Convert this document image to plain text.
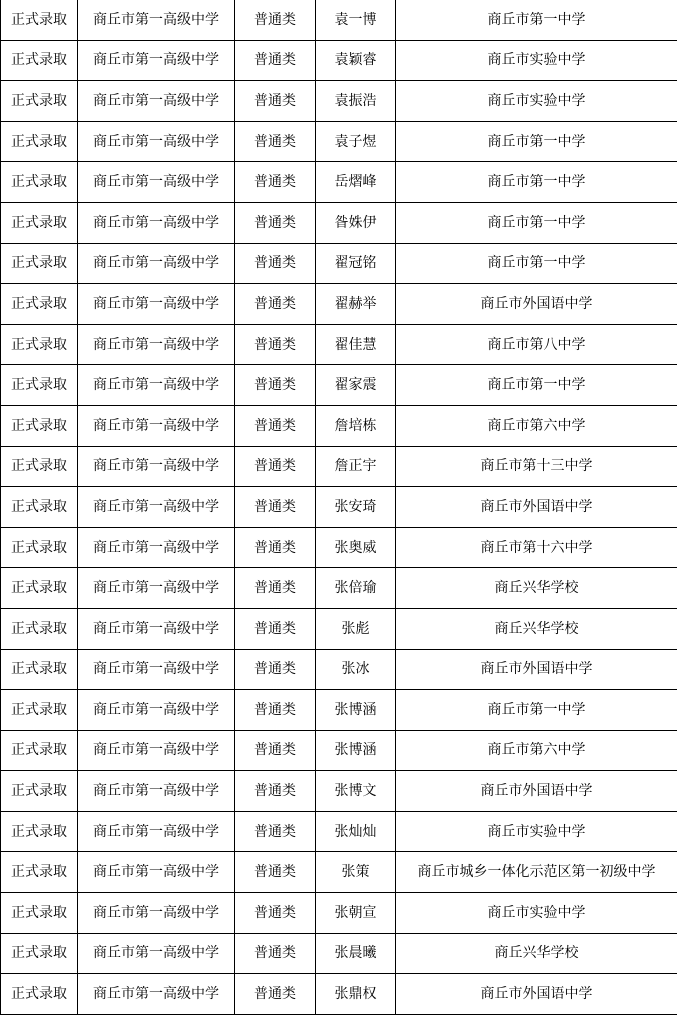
正式录取	商丘市第一高级中学	普通类	袁一博	商丘市第一中学
正式录取	商丘市第一高级中学	普通类	袁颖睿	商丘市实验中学
正式录取	商丘市第一高级中学	普通类	袁振浩	商丘市实验中学
正式录取	商丘市第一高级中学	普通类	袁子煜	商丘市第一中学
正式录取	商丘市第一高级中学	普通类	岳熠峰	商丘市第一中学
正式录取	商丘市第一高级中学	普通类	昝姝伊	商丘市第一中学
正式录取	商丘市第一高级中学	普通类	翟冠铭	商丘市第一中学
正式录取	商丘市第一高级中学	普通类	翟赫举	商丘市外国语中学
正式录取	商丘市第一高级中学	普通类	翟佳慧	商丘市第八中学
正式录取	商丘市第一高级中学	普通类	翟家震	商丘市第一中学
正式录取	商丘市第一高级中学	普通类	詹培栋	商丘市第六中学
正式录取	商丘市第一高级中学	普通类	詹正宇	商丘市第十三中学
正式录取	商丘市第一高级中学	普通类	张安琦	商丘市外国语中学
正式录取	商丘市第一高级中学	普通类	张奥威	商丘市第十六中学
正式录取	商丘市第一高级中学	普通类	张倍瑜	商丘兴华学校
正式录取	商丘市第一高级中学	普通类	张彪	商丘兴华学校
正式录取	商丘市第一高级中学	普通类	张冰	商丘市外国语中学
正式录取	商丘市第一高级中学	普通类	张博涵	商丘市第一中学
正式录取	商丘市第一高级中学	普通类	张博涵	商丘市第六中学
正式录取	商丘市第一高级中学	普通类	张博文	商丘市外国语中学
正式录取	商丘市第一高级中学	普通类	张灿灿	商丘市实验中学
正式录取	商丘市第一高级中学	普通类	张策	商丘市城乡一体化示范区第一初级中学
正式录取	商丘市第一高级中学	普通类	张朝宣	商丘市实验中学
正式录取	商丘市第一高级中学	普通类	张晨曦	商丘兴华学校
正式录取	商丘市第一高级中学	普通类	张鼎权	商丘市外国语中学
